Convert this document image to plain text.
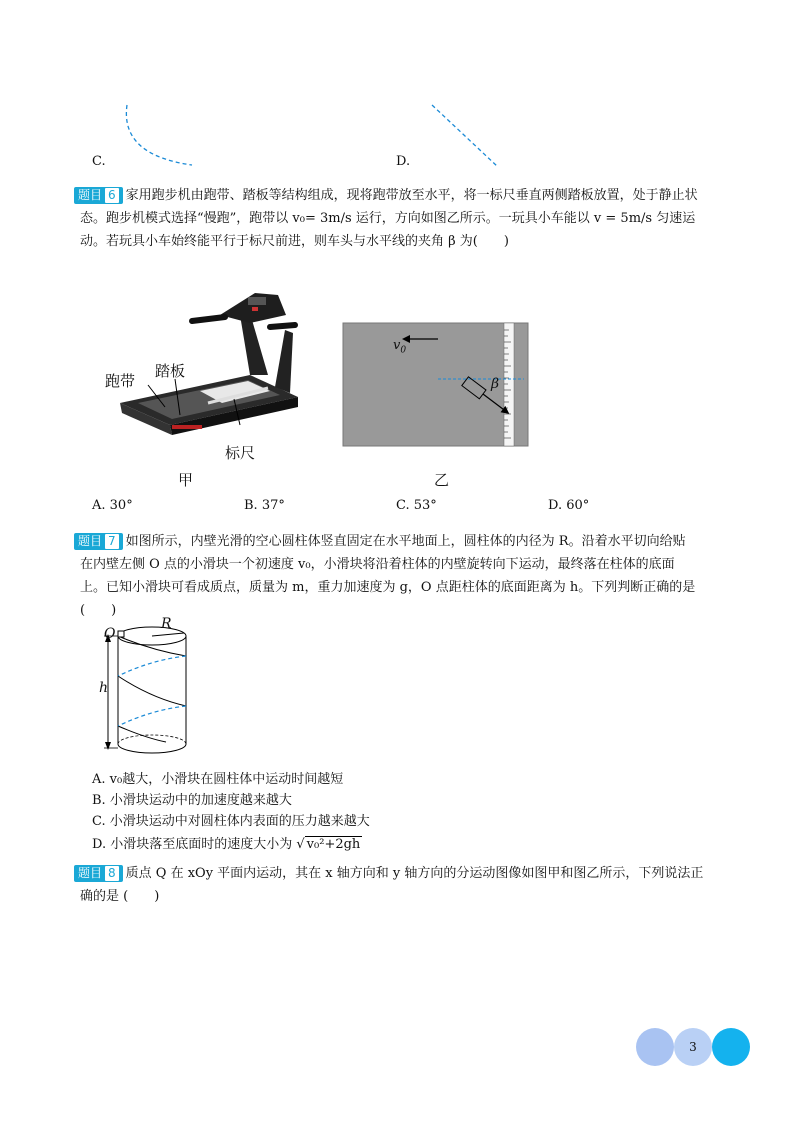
C.	D.
题目 6 家用跑步机由跑带、踏板等结构组成，现将跑带放至水平，将一标尺垂直两侧踏板放置，处于静止状
态。跑步机模式选择“慢跑”，跑带以 v₀= 3m/s 运行，方向如图乙所示。一玩具小车能以 v = 5m/s 匀速运
动。若玩具小车始终能平行于标尺前进，则车头与水平线的夹角 β 为(　　)
跑带
踏板
标尺
甲
$v_0$
β
乙
A. 30°	B. 37°	C. 53°	D. 60°
题目 7 如图所示，内壁光滑的空心圆柱体竖直固定在水平地面上，圆柱体的内径为 R。沿着水平切向给贴
在内壁左侧 O 点的小滑块一个初速度 v₀，小滑块将沿着柱体的内壁旋转向下运动，最终落在柱体的底面
上。已知小滑块可看成质点，质量为 m，重力加速度为 g，O 点距柱体的底面距离为 h。下列判断正确的是
(　　)
O
R
h
A. v₀越大，小滑块在圆柱体中运动时间越短
B. 小滑块运动中的加速度越来越大
C. 小滑块运动中对圆柱体内表面的压力越来越大
D. 小滑块落至底面时的速度大小为 √ v₀²+2gh
题目 8 质点 Q 在 xOy 平面内运动，其在 x 轴方向和 y 轴方向的分运动图像如图甲和图乙所示，下列说法正
确的是 (　　)
3
